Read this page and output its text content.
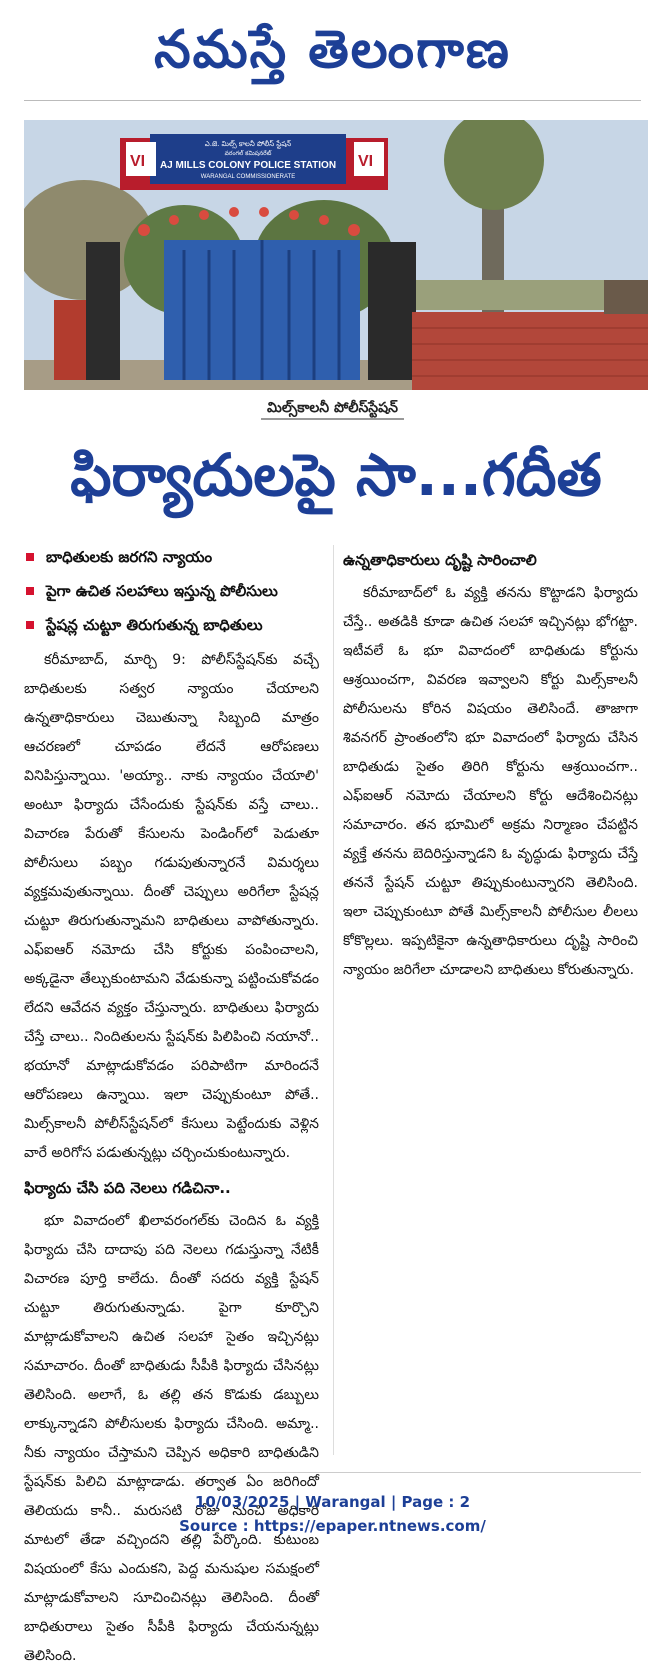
నమస్తే తెలంగాణ
VI	VI
ఎ.జె. మిల్స్ కాలనీ పోలీస్ స్టేషన్
వరంగల్ కమిషనరేట్
AJ MILLS COLONY POLICE STATION
WARANGAL COMMISSIONERATE
మిల్స్‌కాలనీ పోలీస్‌స్టేషన్
ఫిర్యాదులపై సా...గదీత
బాధితులకు జరగని న్యాయం
పైగా ఉచిత సలహాలు ఇస్తున్న పోలీసులు
స్టేషన్ల చుట్టూ తిరుగుతున్న బాధితులు

కరీమాబాద్, మార్చి 9: పోలీస్‌స్టేషన్‌కు వచ్చే బాధితులకు సత్వర న్యాయం చేయాలని ఉన్నతాధికారులు చెబుతున్నా సిబ్బంది మాత్రం ఆచరణలో చూపడం లేదనే ఆరోపణలు వినిపిస్తున్నాయి. 'అయ్యా.. నాకు న్యాయం చేయాలి' అంటూ ఫిర్యాదు చేసేందుకు స్టేషన్‌కు వస్తే చాలు.. విచారణ పేరుతో కేసులను పెండింగ్‌లో పెడుతూ పోలీసులు పబ్బం గడుపుతున్నారనే విమర్శలు వ్యక్తమవుతున్నాయి. దీంతో చెప్పులు అరిగేలా స్టేషన్ల చుట్టూ తిరుగుతున్నామని బాధితులు వాపోతున్నారు. ఎఫ్‌ఐఆర్ నమోదు చేసి కోర్టుకు పంపించాలని, అక్కడైనా తేల్చుకుంటామని వేడుకున్నా పట్టించుకోవడం లేదని ఆవేదన వ్యక్తం చేస్తున్నారు. బాధితులు ఫిర్యాదు చేస్తే చాలు.. నిందితులను స్టేషన్‌కు పిలిపించి నయానో.. భయానో మాట్లాడుకోవడం పరిపాటిగా మారిందనే ఆరోపణలు ఉన్నాయి. ఇలా చెప్పుకుంటూ పోతే.. మిల్స్‌కాలనీ పోలీస్‌స్టేషన్‌లో కేసులు పెట్టేందుకు వెళ్లిన వారే అరిగోస పడుతున్నట్లు చర్చించుకుంటున్నారు.

ఫిర్యాదు చేసి పది నెలలు గడిచినా..

భూ వివాదంలో ఖిలావరంగల్‌కు చెందిన ఓ వ్యక్తి ఫిర్యాదు చేసి దాదాపు పది నెలలు గడుస్తున్నా నేటికీ విచారణ పూర్తి కాలేదు. దీంతో సదరు వ్యక్తి స్టేషన్ చుట్టూ తిరుగుతున్నాడు. పైగా కూర్చొని మాట్లాడుకోవాలని ఉచిత సలహా సైతం ఇచ్చినట్లు సమాచారం. దీంతో బాధితుడు సీపీకి ఫిర్యాదు చేసినట్లు తెలిసింది. అలాగే, ఓ తల్లి తన కొడుకు డబ్బులు లాక్కున్నాడని పోలీసులకు ఫిర్యాదు చేసింది. అమ్మా.. నీకు న్యాయం చేస్తామని చెప్పిన అధికారి బాధితుడిని స్టేషన్‌కు పిలిచి మాట్లాడాడు. తర్వాత ఏం జరిగిందో తెలియదు కానీ.. మరుసటి రోజు నుంచి అధికారి మాటలో తేడా వచ్చిందని తల్లి పేర్కొంది. కుటుంబ విషయంలో కేసు ఎందుకని, పెద్ద మనుషుల సమక్షంలో మాట్లాడుకోవాలని సూచించినట్లు తెలిసింది. దీంతో బాధితురాలు సైతం సీపీకి ఫిర్యాదు చేయనున్నట్లు తెలిసింది.

ఉన్నతాధికారులు దృష్టి సారించాలి

కరీమాబాద్‌లో ఓ వ్యక్తి తనను కొట్టాడని ఫిర్యాదు చేస్తే.. అతడికి కూడా ఉచిత సలహా ఇచ్చినట్లు భోగట్టా. ఇటీవలే ఓ భూ వివాదంలో బాధితుడు కోర్టును ఆశ్రయించగా, వివరణ ఇవ్వాలని కోర్టు మిల్స్‌కాలనీ పోలీసులను కోరిన విషయం తెలిసిందే. తాజాగా శివనగర్ ప్రాంతంలోని భూ వివాదంలో ఫిర్యాదు చేసిన బాధితుడు సైతం తిరిగి కోర్టును ఆశ్రయించగా.. ఎఫ్‌ఐఆర్ నమోదు చేయాలని కోర్టు ఆదేశించినట్లు సమాచారం. తన భూమిలో అక్రమ నిర్మాణం చేపట్టిన వ్యక్తే తనను బెదిరిస్తున్నాడని ఓ వృద్ధుడు ఫిర్యాదు చేస్తే తననే స్టేషన్ చుట్టూ తిప్పుకుంటున్నారని తెలిసింది. ఇలా చెప్పుకుంటూ పోతే మిల్స్‌కాలనీ పోలీసుల లీలలు కోకొల్లలు. ఇప్పటికైనా ఉన్నతాధికారులు దృష్టి సారించి న్యాయం జరిగేలా చూడాలని బాధితులు కోరుతున్నారు.

10/03/2025 | Warangal | Page : 2
Source : https://epaper.ntnews.com/
